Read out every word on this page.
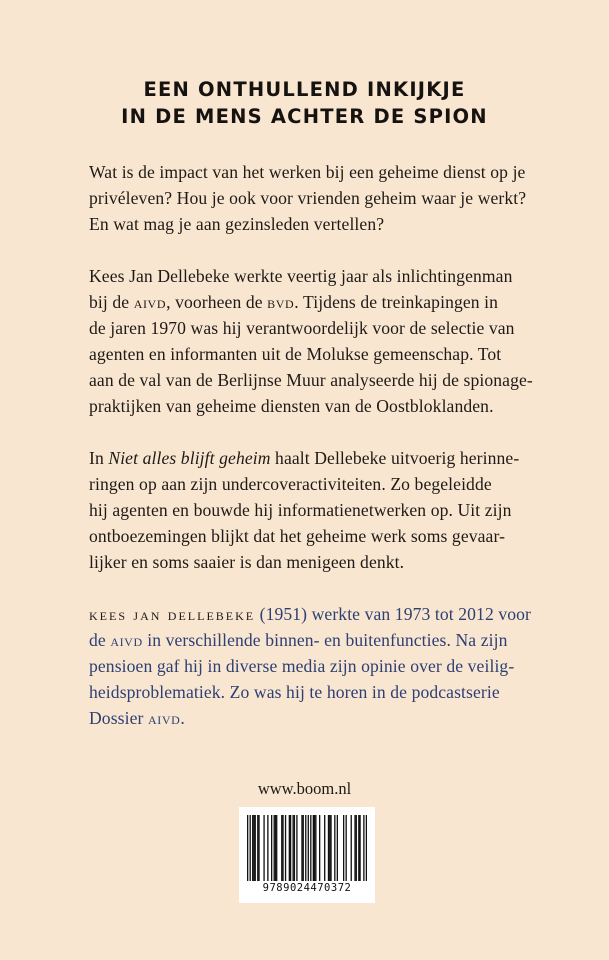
EEN ONTHULLEND INKIJKJE
IN DE MENS ACHTER DE SPION

Wat is de impact van het werken bij een geheime dienst op je
privéleven? Hou je ook voor vrienden geheim waar je werkt?
En wat mag je aan gezinsleden vertellen?

Kees Jan Dellebeke werkte veertig jaar als inlichtingenman
bij de aivd, voorheen de bvd. Tijdens de treinkapingen in
de jaren 1970 was hij verantwoordelijk voor de selectie van
agenten en informanten uit de Molukse gemeenschap. Tot
aan de val van de Berlijnse Muur analyseerde hij de spionage-
praktijken van geheime diensten van de Oostbloklanden.

In Niet alles blijft geheim haalt Dellebeke uitvoerig herinne-
ringen op aan zijn undercoveractiviteiten. Zo begeleidde
hij agenten en bouwde hij informatienetwerken op. Uit zijn
ontboezemingen blijkt dat het geheime werk soms gevaar-
lijker en soms saaier is dan menigeen denkt.

kees jan dellebeke (1951) werkte van 1973 tot 2012 voor
de aivd in verschillende binnen- en buitenfuncties. Na zijn
pensioen gaf hij in diverse media zijn opinie over de veilig-
heidsproblematiek. Zo was hij te horen in de podcastserie
Dossier aivd.

www.boom.nl
9789024470372
